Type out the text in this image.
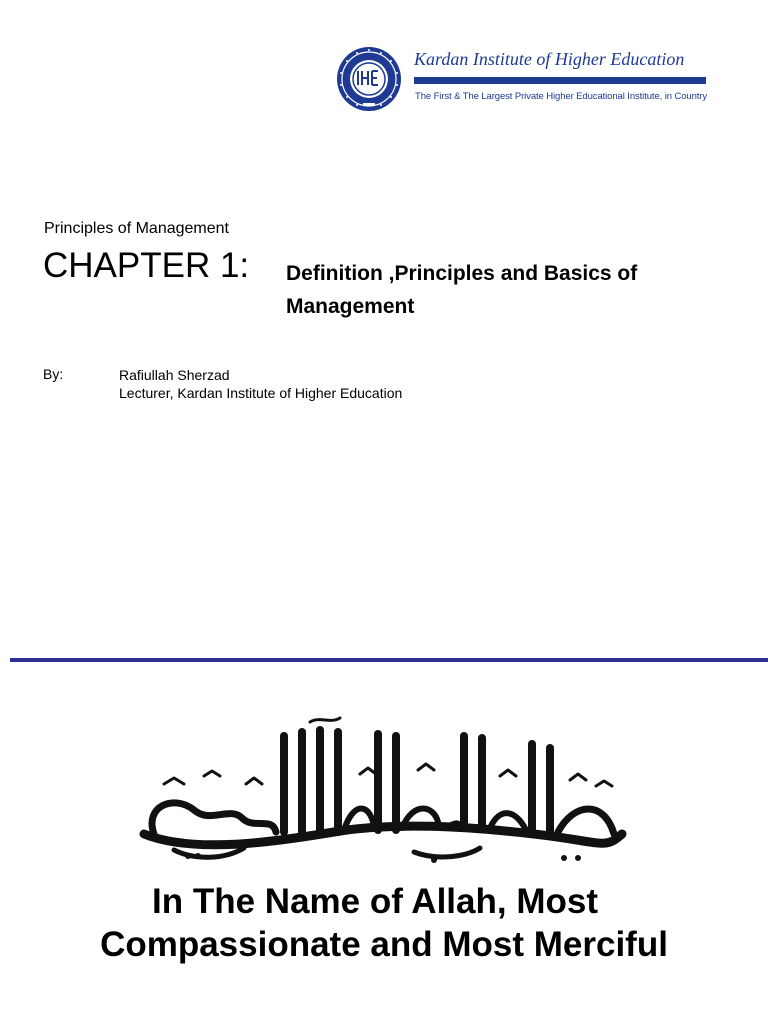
Kardan Institute of Higher Education
The First & The Largest Private Higher Educational Institute, in Country
Principles of Management
CHAPTER 1: Definition ,Principles and Basics of
Management
By:	Rafiullah Sherzad
Lecturer, Kardan Institute of Higher Education
In The Name of Allah, Most
Compassionate and Most Merciful
